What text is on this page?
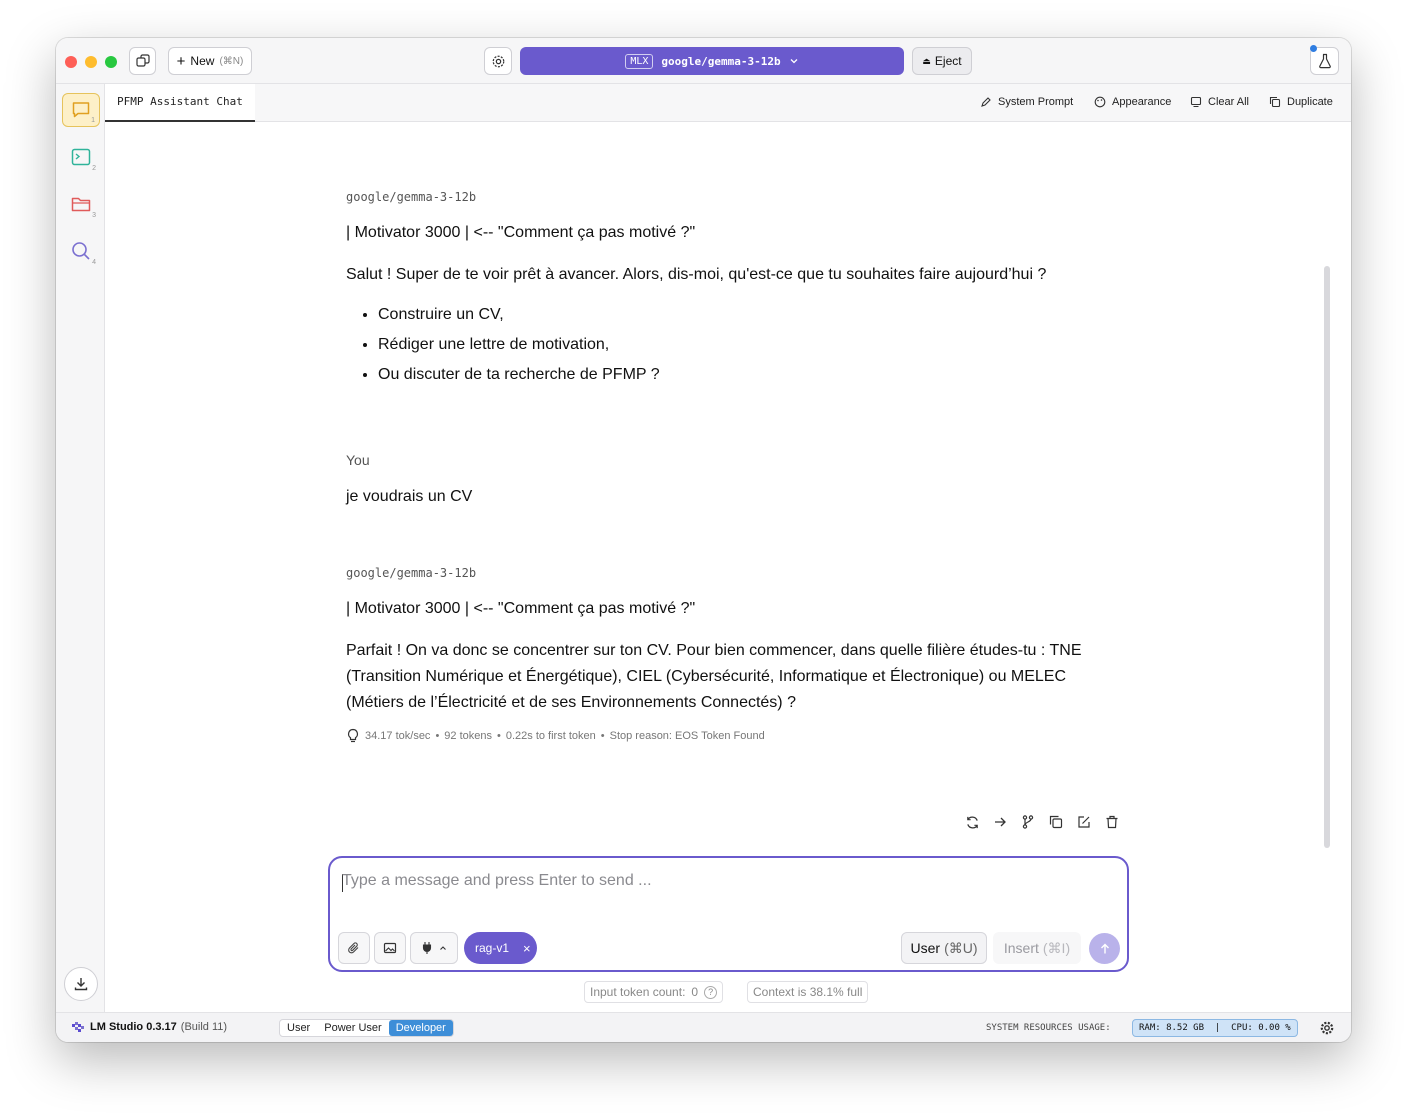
+ New (⌘N)	MLX	google/gemma-3-12b	⏏ Eject
1
2
3
4
PFMP Assistant Chat	System Prompt	Appearance	Clear All	Duplicate
google/gemma-3-12b
| Motivator 3000 | <-- "Comment ça pas motivé ?"
Salut ! Super de te voir prêt à avancer. Alors, dis-moi, qu'est-ce que tu souhaites faire aujourd’hui ?
• Construire un CV,
• Rédiger une lettre de motivation,
• Ou discuter de ta recherche de PFMP ?
You
je voudrais un CV
google/gemma-3-12b
| Motivator 3000 | <-- "Comment ça pas motivé ?"
Parfait ! On va donc se concentrer sur ton CV. Pour bien commencer, dans quelle filière études-tu : TNE (Transition Numérique et Énergétique), CIEL (Cybersécurité, Informatique et Électronique) ou MELEC (Métiers de l’Électricité et de ses Environnements Connectés) ?
34.17 tok/sec • 92 tokens • 0.22s to first token • Stop reason: EOS Token Found
Type a message and press Enter to send ...
rag-v1 ×	User (⌘U) Insert (⌘I)
Input token count: 0	?	Context is 38.1% full
LM Studio 0.3.17 (Build 11)	User	Power User	Developer	SYSTEM RESOURCES USAGE:	RAM: 8.52 GB  |  CPU: 0.00 %
